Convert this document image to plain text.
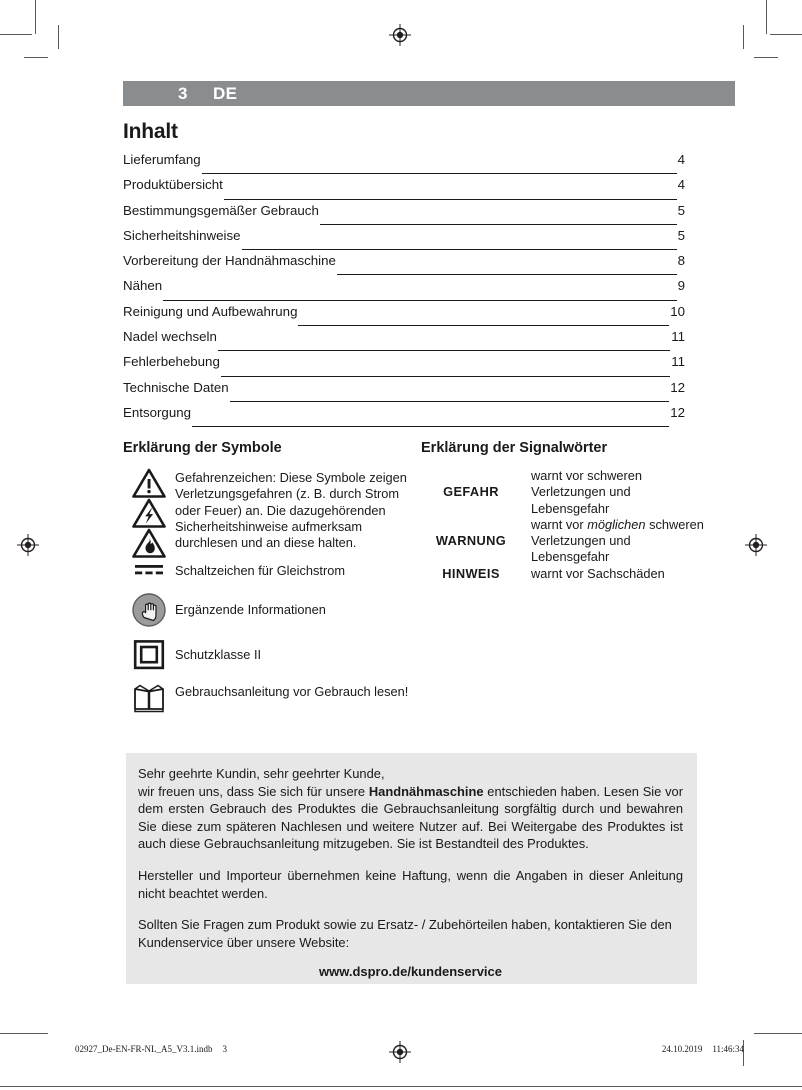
3 DE
Inhalt
Lieferumfang	4
Produktübersicht	4
Bestimmungsgemäßer Gebrauch	5
Sicherheitshinweise	5
Vorbereitung der Handnähmaschine	8
Nähen	9
Reinigung und Aufbewahrung	10
Nadel wechseln	11
Fehlerbehebung	11
Technische Daten	12
Entsorgung	12
Erklärung der Symbole
Gefahrenzeichen: Diese Symbole zeigen Verletzungsgefahren (z. B. durch Strom oder Feuer) an. Die dazugehörenden Sicherheitshinweise aufmerksam durchlesen und an diese halten.
Schaltzeichen für Gleichstrom
Ergänzende Informationen
Schutzklasse II
Gebrauchsanleitung vor Gebrauch lesen!
Erklärung der Signalwörter
GEFAHR	warnt vor schweren Verletzungen und Lebensgefahr
WARNUNG	warnt vor möglichen schweren Verletzungen und Lebensgefahr
HINWEIS	warnt vor Sachschäden

Sehr geehrte Kundin, sehr geehrter Kunde,

wir freuen uns, dass Sie sich für unsere Handnähmaschine entschieden haben. Lesen Sie vor dem ersten Gebrauch des Produktes die Gebrauchsanleitung sorgfältig durch und bewahren Sie diese zum späteren Nachlesen und weitere Nutzer auf. Bei Weitergabe des Produktes ist auch diese Gebrauchsanleitung mitzugeben. Sie ist Bestandteil des Produktes.

Hersteller und Importeur übernehmen keine Haftung, wenn die Angaben in dieser Anleitung nicht beachtet werden.

Sollten Sie Fragen zum Produkt sowie zu Ersatz- / Zubehörteilen haben, kontaktieren Sie den Kundenservice über unsere Website:

www.dspro.de/kundenservice
02927_De-EN-FR-NL_A5_V3.1.indb 3	24.10.2019 11:46:34
